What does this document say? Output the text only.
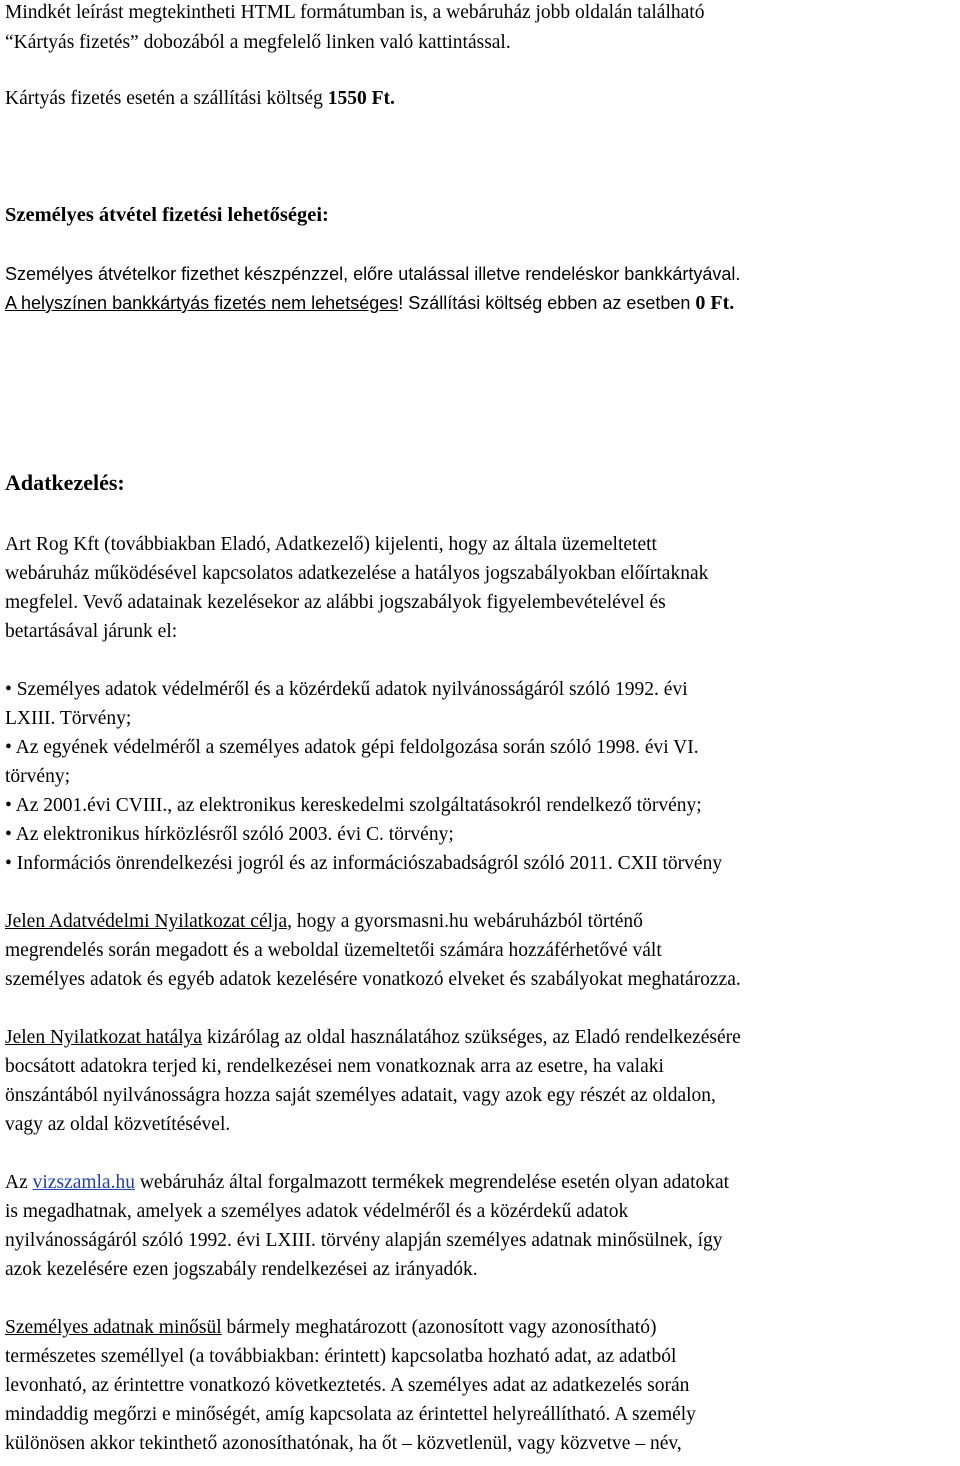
Mindkét leírást megtekintheti HTML formátumban is, a webáruház jobb oldalán található
“Kártyás fizetés” dobozából a megfelelő linken való kattintással.
Kártyás fizetés esetén a szállítási költség 1550 Ft.
Személyes átvétel fizetési lehetőségei:
Személyes átvételkor fizethet készpénzzel, előre utalással illetve rendeléskor bankkártyával.
A helyszínen bankkártyás fizetés nem lehetséges! Szállítási költség ebben az esetben 0 Ft.
Adatkezelés:
Art Rog Kft (továbbiakban Eladó, Adatkezelő) kijelenti, hogy az általa üzemeltetett
webáruház működésével kapcsolatos adatkezelése a hatályos jogszabályokban előírtaknak
megfelel. Vevő adatainak kezelésekor az alábbi jogszabályok figyelembevételével és
betartásával járunk el:
• Személyes adatok védelméről és a közérdekű adatok nyilvánosságáról szóló 1992. évi
LXIII. Törvény;
• Az egyének védelméről a személyes adatok gépi feldolgozása során szóló 1998. évi VI.
törvény;
• Az 2001.évi CVIII., az elektronikus kereskedelmi szolgáltatásokról rendelkező törvény;
• Az elektronikus hírközlésről szóló 2003. évi C. törvény;
• Információs önrendelkezési jogról és az információszabadságról szóló 2011. CXII törvény
Jelen Adatvédelmi Nyilatkozat célja, hogy a gyorsmasni.hu webáruházból történő
megrendelés során megadott és a weboldal üzemeltetői számára hozzáférhetővé vált
személyes adatok és egyéb adatok kezelésére vonatkozó elveket és szabályokat meghatározza.
Jelen Nyilatkozat hatálya kizárólag az oldal használatához szükséges, az Eladó rendelkezésére
bocsátott adatokra terjed ki, rendelkezései nem vonatkoznak arra az esetre, ha valaki
önszántából nyilvánosságra hozza saját személyes adatait, vagy azok egy részét az oldalon,
vagy az oldal közvetítésével.
Az vizszamla.hu webáruház által forgalmazott termékek megrendelése esetén olyan adatokat
is megadhatnak, amelyek a személyes adatok védelméről és a közérdekű adatok
nyilvánosságáról szóló 1992. évi LXIII. törvény alapján személyes adatnak minősülnek, így
azok kezelésére ezen jogszabály rendelkezései az irányadók.
Személyes adatnak minősül bármely meghatározott (azonosított vagy azonosítható)
természetes személlyel (a továbbiakban: érintett) kapcsolatba hozható adat, az adatból
levonható, az érintettre vonatkozó következtetés. A személyes adat az adatkezelés során
mindaddig megőrzi e minőségét, amíg kapcsolata az érintettel helyreállítható. A személy
különösen akkor tekinthető azonosíthatónak, ha őt – közvetlenül, vagy közvetve – név,
